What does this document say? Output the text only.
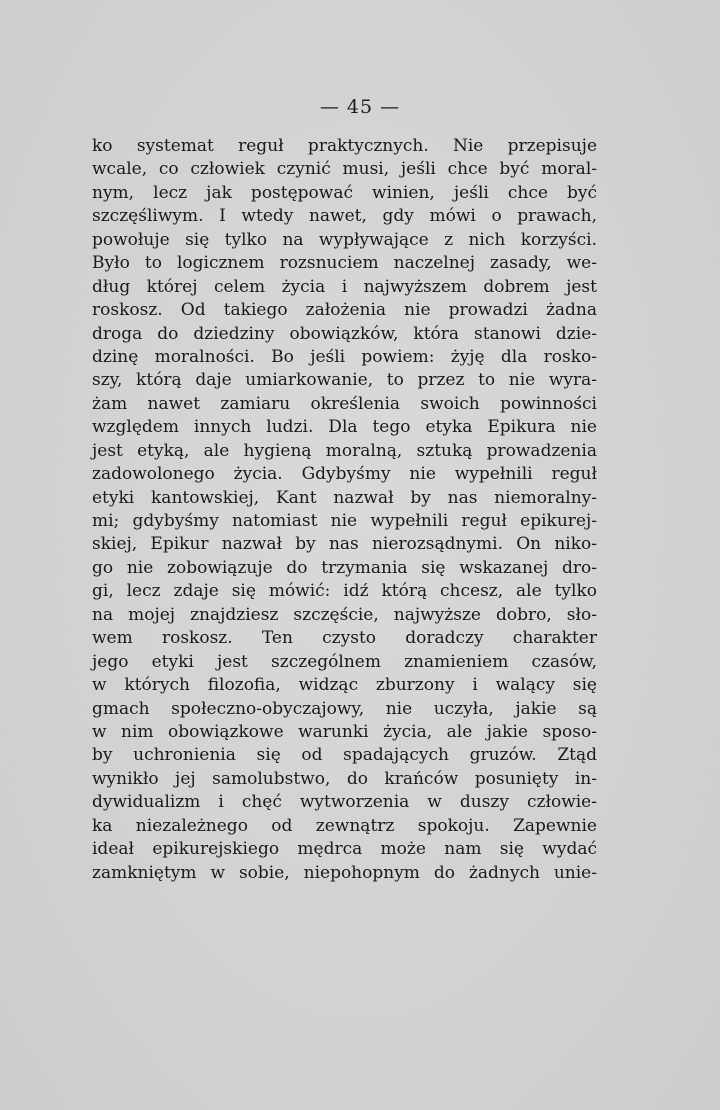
— 45 —
ko systemat reguł praktycznych. Nie przepisuje
wcale, co człowiek czynić musi, jeśli chce być moral-
nym, lecz jak postępować winien, jeśli chce być
szczęśliwym. I wtedy nawet, gdy mówi o prawach,
powołuje się tylko na wypływające z nich korzyści.
Było to logicznem rozsnuciem naczelnej zasady, we-
dług której celem życia i najwyższem dobrem jest
roskosz. Od takiego założenia nie prowadzi żadna
droga do dziedziny obowiązków, która stanowi dzie-
dzinę moralności. Bo jeśli powiem: żyję dla rosko-
szy, którą daje umiarkowanie, to przez to nie wyra-
żam nawet zamiaru określenia swoich powinności
względem innych ludzi. Dla tego etyka Epikura nie
jest etyką, ale hygieną moralną, sztuką prowadzenia
zadowolonego życia. Gdybyśmy nie wypełnili reguł
etyki kantowskiej, Kant nazwał by nas niemoralny-
mi; gdybyśmy natomiast nie wypełnili reguł epikurej-
skiej, Epikur nazwał by nas nierozsądnymi. On niko-
go nie zobowiązuje do trzymania się wskazanej dro-
gi, lecz zdaje się mówić: idź którą chcesz, ale tylko
na mojej znajdziesz szczęście, najwyższe dobro, sło-
wem roskosz. Ten czysto doradczy charakter
jego etyki jest szczególnem znamieniem czasów,
w których filozofia, widząc zburzony i walący się
gmach społeczno-obyczajowy, nie uczyła, jakie są
w nim obowiązkowe warunki życia, ale jakie sposo-
by uchronienia się od spadających gruzów. Ztąd
wynikło jej samolubstwo, do krańców posunięty in-
dywidualizm i chęć wytworzenia w duszy człowie-
ka niezależnego od zewnątrz spokoju. Zapewnie
ideał epikurejskiego mędrca może nam się wydać
zamkniętym w sobie, niepohopnym do żadnych unie-
